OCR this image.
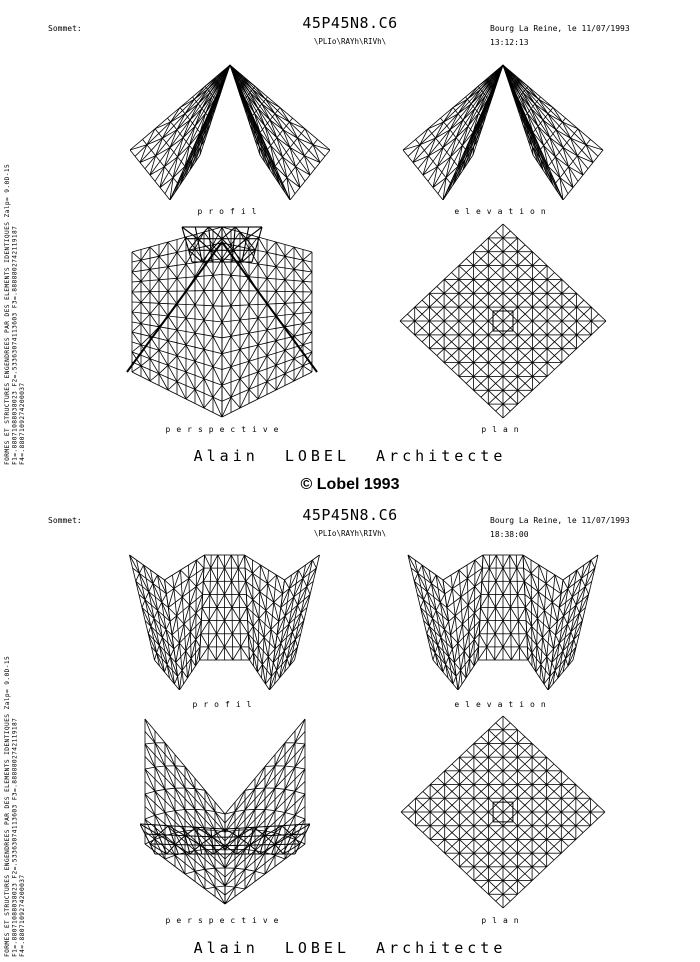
FORMES ET STRUCTURES ENGENDREES PAR DES ELEMENTS IDENTIQUES Zalp= 9.0D-15 F1=.88071088038023 F2=.53363074113603 F3=.8888802742119187 F4=.8807109274200037
Sommet:	45P45N8.C6
\PLIo\RAYh\RIVh\
Bourg La Reine, le 11/07/1993
13:12:13
profil	elevation
perspective	plan
Alain  LOBEL  Architecte
© Lobel 1993
FORMES ET STRUCTURES ENGENDREES PAR DES ELEMENTS IDENTIQUES Zalp= 9.0D-15 F1=.88071088038023 F2=.53363074113603 F3=.8888802742119187 F4=.8807109274200037
Sommet:	45P45N8.C6
\PLIo\RAYh\RIVh\
Bourg La Reine, le 11/07/1993
18:38:00
profil	elevation
perspective	plan
Alain  LOBEL  Architecte
